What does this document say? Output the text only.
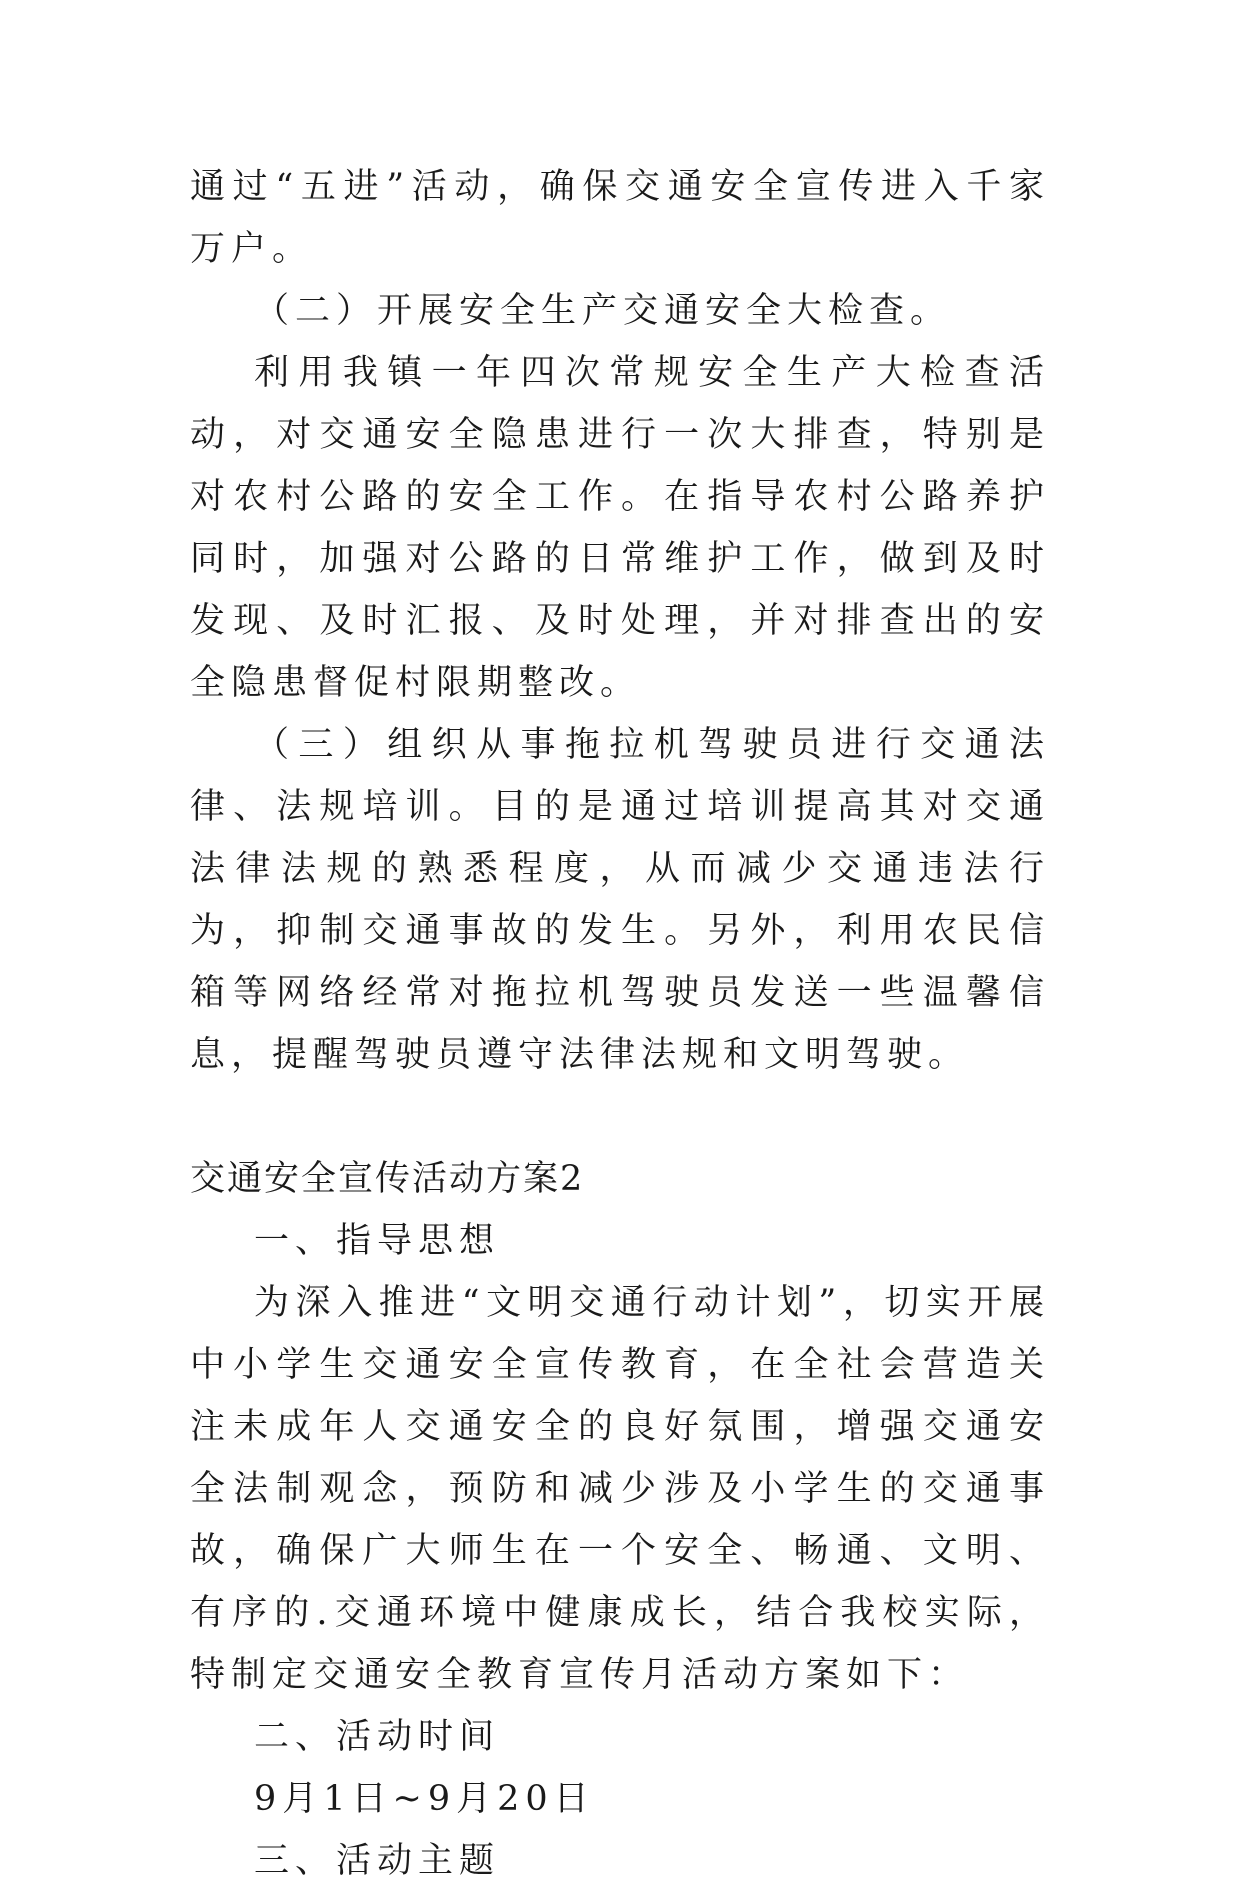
通过“五进”活动，确保交通安全宣传进入千家万户。

（二）开展安全生产交通安全大检查。

利用我镇一年四次常规安全生产大检查活动，对交通安全隐患进行一次大排查，特别是对农村公路的安全工作。在指导农村公路养护同时，加强对公路的日常维护工作，做到及时发现、及时汇报、及时处理，并对排查出的安全隐患督促村限期整改。

（三）组织从事拖拉机驾驶员进行交通法律、法规培训。目的是通过培训提高其对交通法律法规的熟悉程度，从而减少交通违法行为，抑制交通事故的发生。另外，利用农民信箱等网络经常对拖拉机驾驶员发送一些温馨信息，提醒驾驶员遵守法律法规和文明驾驶。

交通安全宣传活动方案2

一、指导思想

为深入推进“文明交通行动计划”，切实开展中小学生交通安全宣传教育，在全社会营造关注未成年人交通安全的良好氛围，增强交通安全法制观念，预防和减少涉及小学生的交通事故，确保广大师生在一个安全、畅通、文明、有序的.交通环境中健康成长，结合我校实际，特制定交通安全教育宣传月活动方案如下：

二、活动时间

9月1日~9月20日

三、活动主题
